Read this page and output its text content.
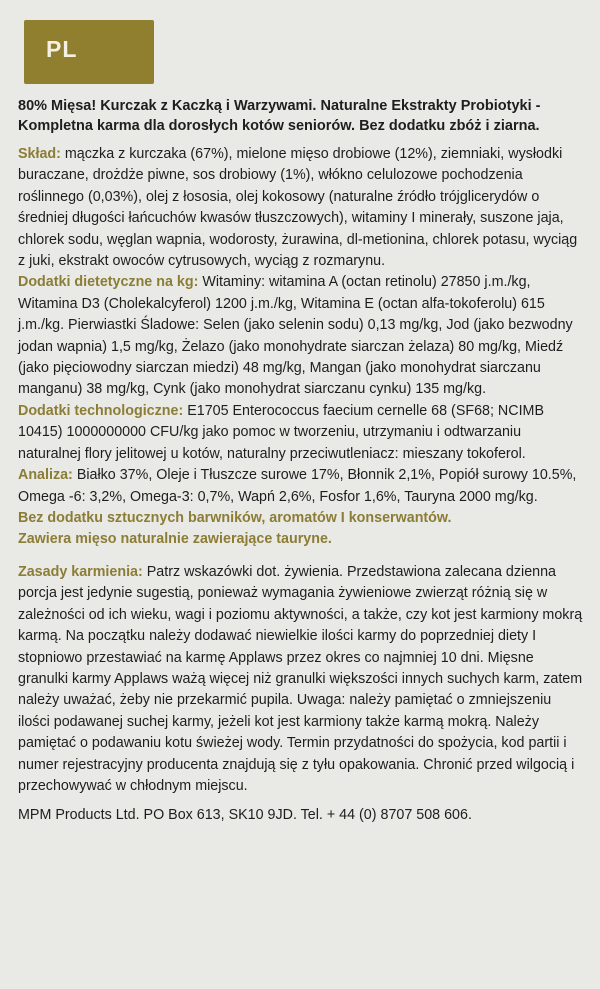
PL

80% Mięsa! Kurczak z Kaczką i Warzywami. Naturalne Ekstrakty Probiotyki - Kompletna karma dla dorosłych kotów seniorów. Bez dodatku zbóż i ziarna.

Skład: mączka z kurczaka (67%), mielone mięso drobiowe (12%), ziemniaki, wysłodki buraczane, drożdże piwne, sos drobiowy (1%), włókno celulozowe pochodzenia roślinnego (0,03%), olej z łososia, olej kokosowy (naturalne źródło trójglicerydów o średniej długości łańcuchów kwasów tłuszczowych), witaminy I minerały, suszone jaja, chlorek sodu, węglan wapnia, wodorosty, żurawina, dl-metionina, chlorek potasu, wyciąg z juki, ekstrakt owoców cytrusowych, wyciąg z rozmarynu.

Dodatki dietetyczne na kg: Witaminy: witamina A (octan retinolu) 27850 j.m./kg, Witamina D3 (Cholekalcyferol) 1200 j.m./kg, Witamina E (octan alfa-tokoferolu) 615 j.m./kg. Pierwiastki Śladowe: Selen (jako selenin sodu) 0,13 mg/kg, Jod (jako bezwodny jodan wapnia) 1,5 mg/kg, Żelazo (jako monohydrate siarczan żelaza) 80 mg/kg, Miedź (jako pięciowodny siarczan miedzi) 48 mg/kg, Mangan (jako monohydrat siarczanu manganu) 38 mg/kg, Cynk (jako monohydrat siarczanu cynku) 135 mg/kg.

Dodatki technologiczne: E1705 Enterococcus faecium cernelle 68 (SF68; NCIMB 10415) 1000000000 CFU/kg jako pomoc w tworzeniu, utrzymaniu i odtwarzaniu naturalnej flory jelitowej u kotów, naturalny przeciwutleniacz: mieszany tokoferol.

Analiza: Białko 37%, Oleje i Tłuszcze surowe 17%, Błonnik 2,1%, Popiół surowy 10.5%, Omega -6: 3,2%, Omega-3: 0,7%, Wapń 2,6%, Fosfor 1,6%, Tauryna 2000 mg/kg.

Bez dodatku sztucznych barwników, aromatów I konserwantów.

Zawiera mięso naturalnie zawierające tauryne.

Zasady karmienia: Patrz wskazówki dot. żywienia. Przedstawiona zalecana dzienna porcja jest jedynie sugestią, ponieważ wymagania żywieniowe zwierząt różnią się w zależności od ich wieku, wagi i poziomu aktywności, a także, czy kot jest karmiony mokrą karmą. Na początku należy dodawać niewielkie ilości karmy do poprzedniej diety I stopniowo przestawiać na karmę Applaws przez okres co najmniej 10 dni. Mięsne granulki karmy Applaws ważą więcej niż granulki większości innych suchych karm, zatem należy uważać, żeby nie przekarmić pupila. Uwaga: należy pamiętać o zmniejszeniu ilości podawanej suchej karmy, jeżeli kot jest karmiony także karmą mokrą. Należy pamiętać o podawaniu kotu świeżej wody. Termin przydatności do spożycia, kod partii i numer rejestracyjny producenta znajdują się z tyłu opakowania. Chronić przed wilgocią i przechowywać w chłodnym miejscu.

MPM Products Ltd. PO Box 613, SK10 9JD. Tel. + 44 (0) 8707 508 606.
